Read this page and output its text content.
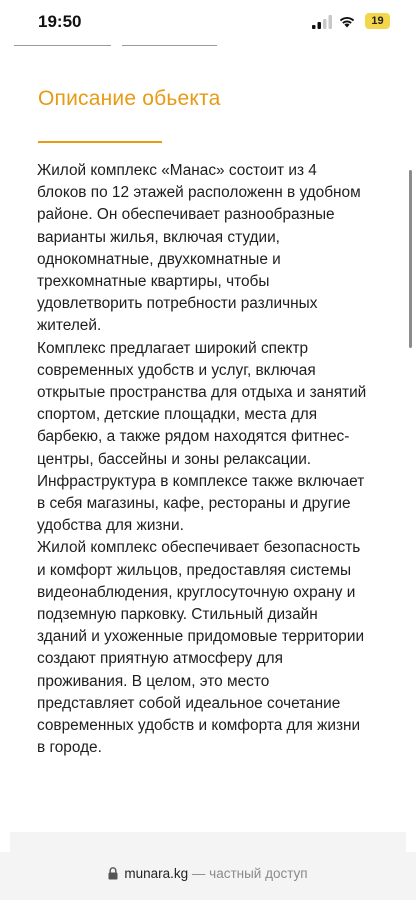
19:50	19
Описание обьекта

Жилой комплекс «Манас» состоит из 4 блоков по 12 этажей расположенн в удобном районе. Он обеспечивает разнообразные варианты жилья, включая студии, однокомнатные, двухкомнатные и трехкомнатные квартиры, чтобы удовлетворить потребности различных жителей.

Комплекс предлагает широкий спектр современных удобств и услуг, включая открытые пространства для отдыха и занятий спортом, детские площадки, места для барбекю, а также рядом находятся фитнес-центры, бассейны и зоны релаксации. Инфраструктура в комплексе также включает в себя магазины, кафе, рестораны и другие удобства для жизни.

Жилой комплекс обеспечивает безопасность и комфорт жильцов, предоставляя системы видеонаблюдения, круглосуточную охрану и подземную парковку. Стильный дизайн зданий и ухоженные придомовые территории создают приятную атмосферу для проживания. В целом, это место представляет собой идеальное сочетание современных удобств и комфорта для жизни в городе.

munara.kg — частный доступ
